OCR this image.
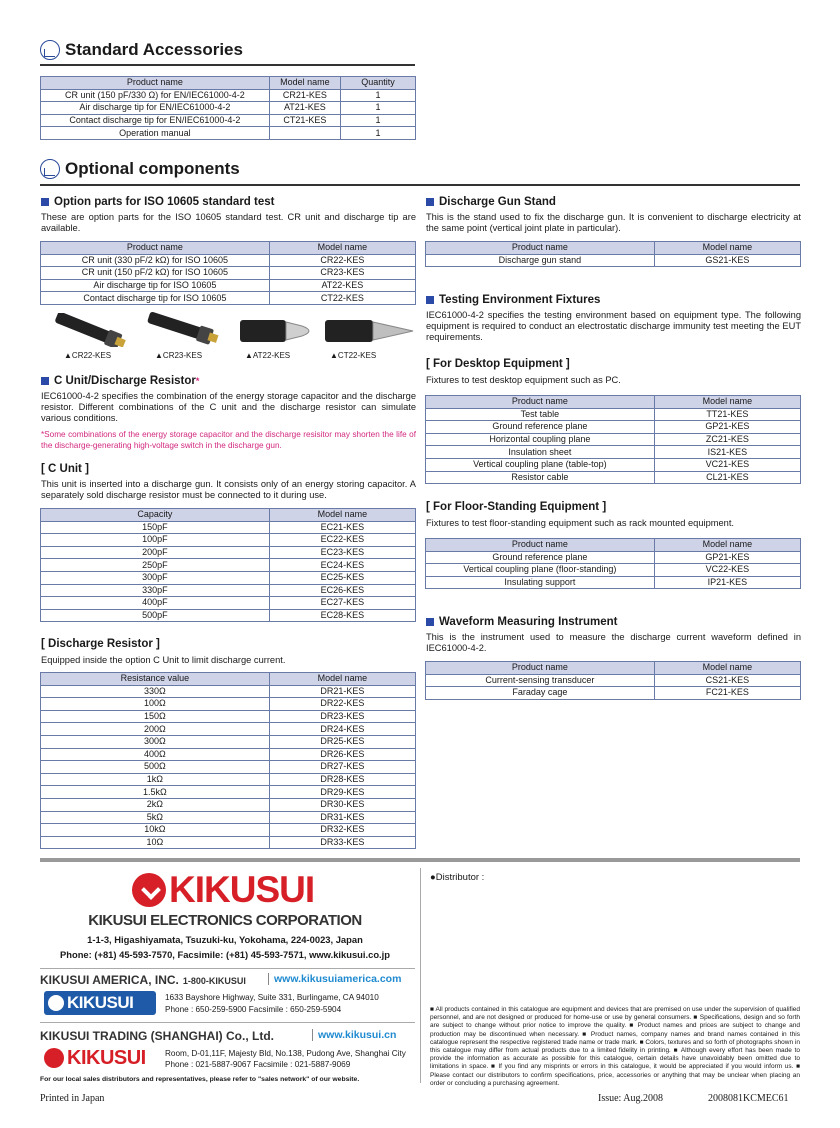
Standard Accessories
Product name	Model name	Quantity
CR unit (150 pF/330 Ω) for EN/IEC61000-4-2	CR21-KES	1
Air discharge tip for EN/IEC61000-4-2	AT21-KES	1
Contact discharge tip for EN/IEC61000-4-2	CT21-KES	1
Operation manual		1
Optional components
Option parts for ISO 10605 standard test
These are option parts for the ISO 10605 standard test. CR unit and discharge tip are available.
Product name	Model name
CR unit (330 pF/2 kΩ) for ISO 10605	CR22-KES
CR unit (150 pF/2 kΩ) for ISO 10605	CR23-KES
Air discharge tip for ISO 10605	AT22-KES
Contact discharge tip for ISO 10605	CT22-KES
▲CR22-KES	▲CR23-KES	▲AT22-KES	▲CT22-KES
C Unit/Discharge Resistor *
IEC61000-4-2 specifies the combination of the energy storage capacitor and the discharge resistor. Different combinations of the C unit and the discharge resistor can simulate various conditions.
*Some combinations of the energy storage capacitor and the discharge resisitor may shorten the life of the discharge-generating high-voltage switch in the discharge gun.
[ C Unit ]
This unit is inserted into a discharge gun. It consists only of an energy storing capacitor. A separately sold discharge resistor must be connected to it during use.
Capacity	Model name
150pF	EC21-KES
100pF	EC22-KES
200pF	EC23-KES
250pF	EC24-KES
300pF	EC25-KES
330pF	EC26-KES
400pF	EC27-KES
500pF	EC28-KES
[ Discharge Resistor ]
Equipped inside the option C Unit to limit discharge current.
Resistance value	Model name
330Ω	DR21-KES
100Ω	DR22-KES
150Ω	DR23-KES
200Ω	DR24-KES
300Ω	DR25-KES
400Ω	DR26-KES
500Ω	DR27-KES
1kΩ	DR28-KES
1.5kΩ	DR29-KES
2kΩ	DR30-KES
5kΩ	DR31-KES
10kΩ	DR32-KES
10Ω	DR33-KES
Discharge Gun Stand
This is the stand used to fix the discharge gun. It is convenient to discharge electricity at the same point (vertical joint plate in particular).
Product name	Model name
Discharge gun stand	GS21-KES
Testing Environment Fixtures
IEC61000-4-2 specifies the testing environment based on equipment type. The following equipment is required to conduct an electrostatic discharge immunity test meeting the EUT requirements.
[ For Desktop Equipment ]
Fixtures to test desktop equipment such as PC.
Product name	Model name
Test table	TT21-KES
Ground reference plane	GP21-KES
Horizontal coupling plane	ZC21-KES
Insulation sheet	IS21-KES
Vertical coupling plane (table-top)	VC21-KES
Resistor cable	CL21-KES
[ For Floor-Standing Equipment ]
Fixtures to test floor-standing equipment such as rack mounted equipment.
Product name	Model name
Ground reference plane	GP21-KES
Vertical coupling plane (floor-standing)	VC22-KES
Insulating support	IP21-KES
Waveform Measuring Instrument
This is the instrument used to measure the discharge current waveform defined in IEC61000-4-2.
Product name	Model name
Current-sensing transducer	CS21-KES
Faraday cage	FC21-KES
KIKUSUI
KIKUSUI ELECTRONICS CORPORATION
1-1-3, Higashiyamata, Tsuzuki-ku, Yokohama, 224-0023, Japan
Phone: (+81) 45-593-7570, Facsimile: (+81) 45-593-7571, www.kikusui.co.jp
KIKUSUI AMERICA, INC. 1-800-KIKUSUI	www.kikusuiamerica.com
KIKUSUI	1633 Bayshore Highway, Suite 331, Burlingame, CA 94010
Phone : 650-259-5900 Facsimile : 650-259-5904
KIKUSUI TRADING (SHANGHAI) Co., Ltd.	www.kikusui.cn
KIKUSUI Room, D-01,11F, Majesty Bld, No.138, Pudong Ave, Shanghai City
Phone : 021-5887-9067 Facsimile : 021-5887-9069
For our local sales distributors and representatives, please refer to "sales network" of our website.
●Distributor :
■ All products contained in this catalogue are equipment and devices that are premised on use under the supervision of qualified personnel, and are not designed or produced for home-use or use by general consumers. ■ Specifications, design and so forth are subject to change without prior notice to improve the quality. ■ Product names and prices are subject to change and production may be discontinued when necessary. ■ Product names, company names and brand names contained in this catalogue represent the respective registered trade name or trade mark. ■ Colors, textures and so forth of photographs shown in this catalogue may differ from actual products due to a limited fidelity in printing. ■ Although every effort has been made to provide the information as accurate as possible for this catalogue, certain details have unavoidably been omitted due to limitations in space. ■ If you find any misprints or errors in this catalogue, it would be appreciated if you would inform us. ■ Please contact our distributors to confirm specifications, price, accessories or anything that may be unclear when placing an order or concluding a purchasing agreement.
Printed in Japan	Issue: Aug.2008	2008081KCMEC61
